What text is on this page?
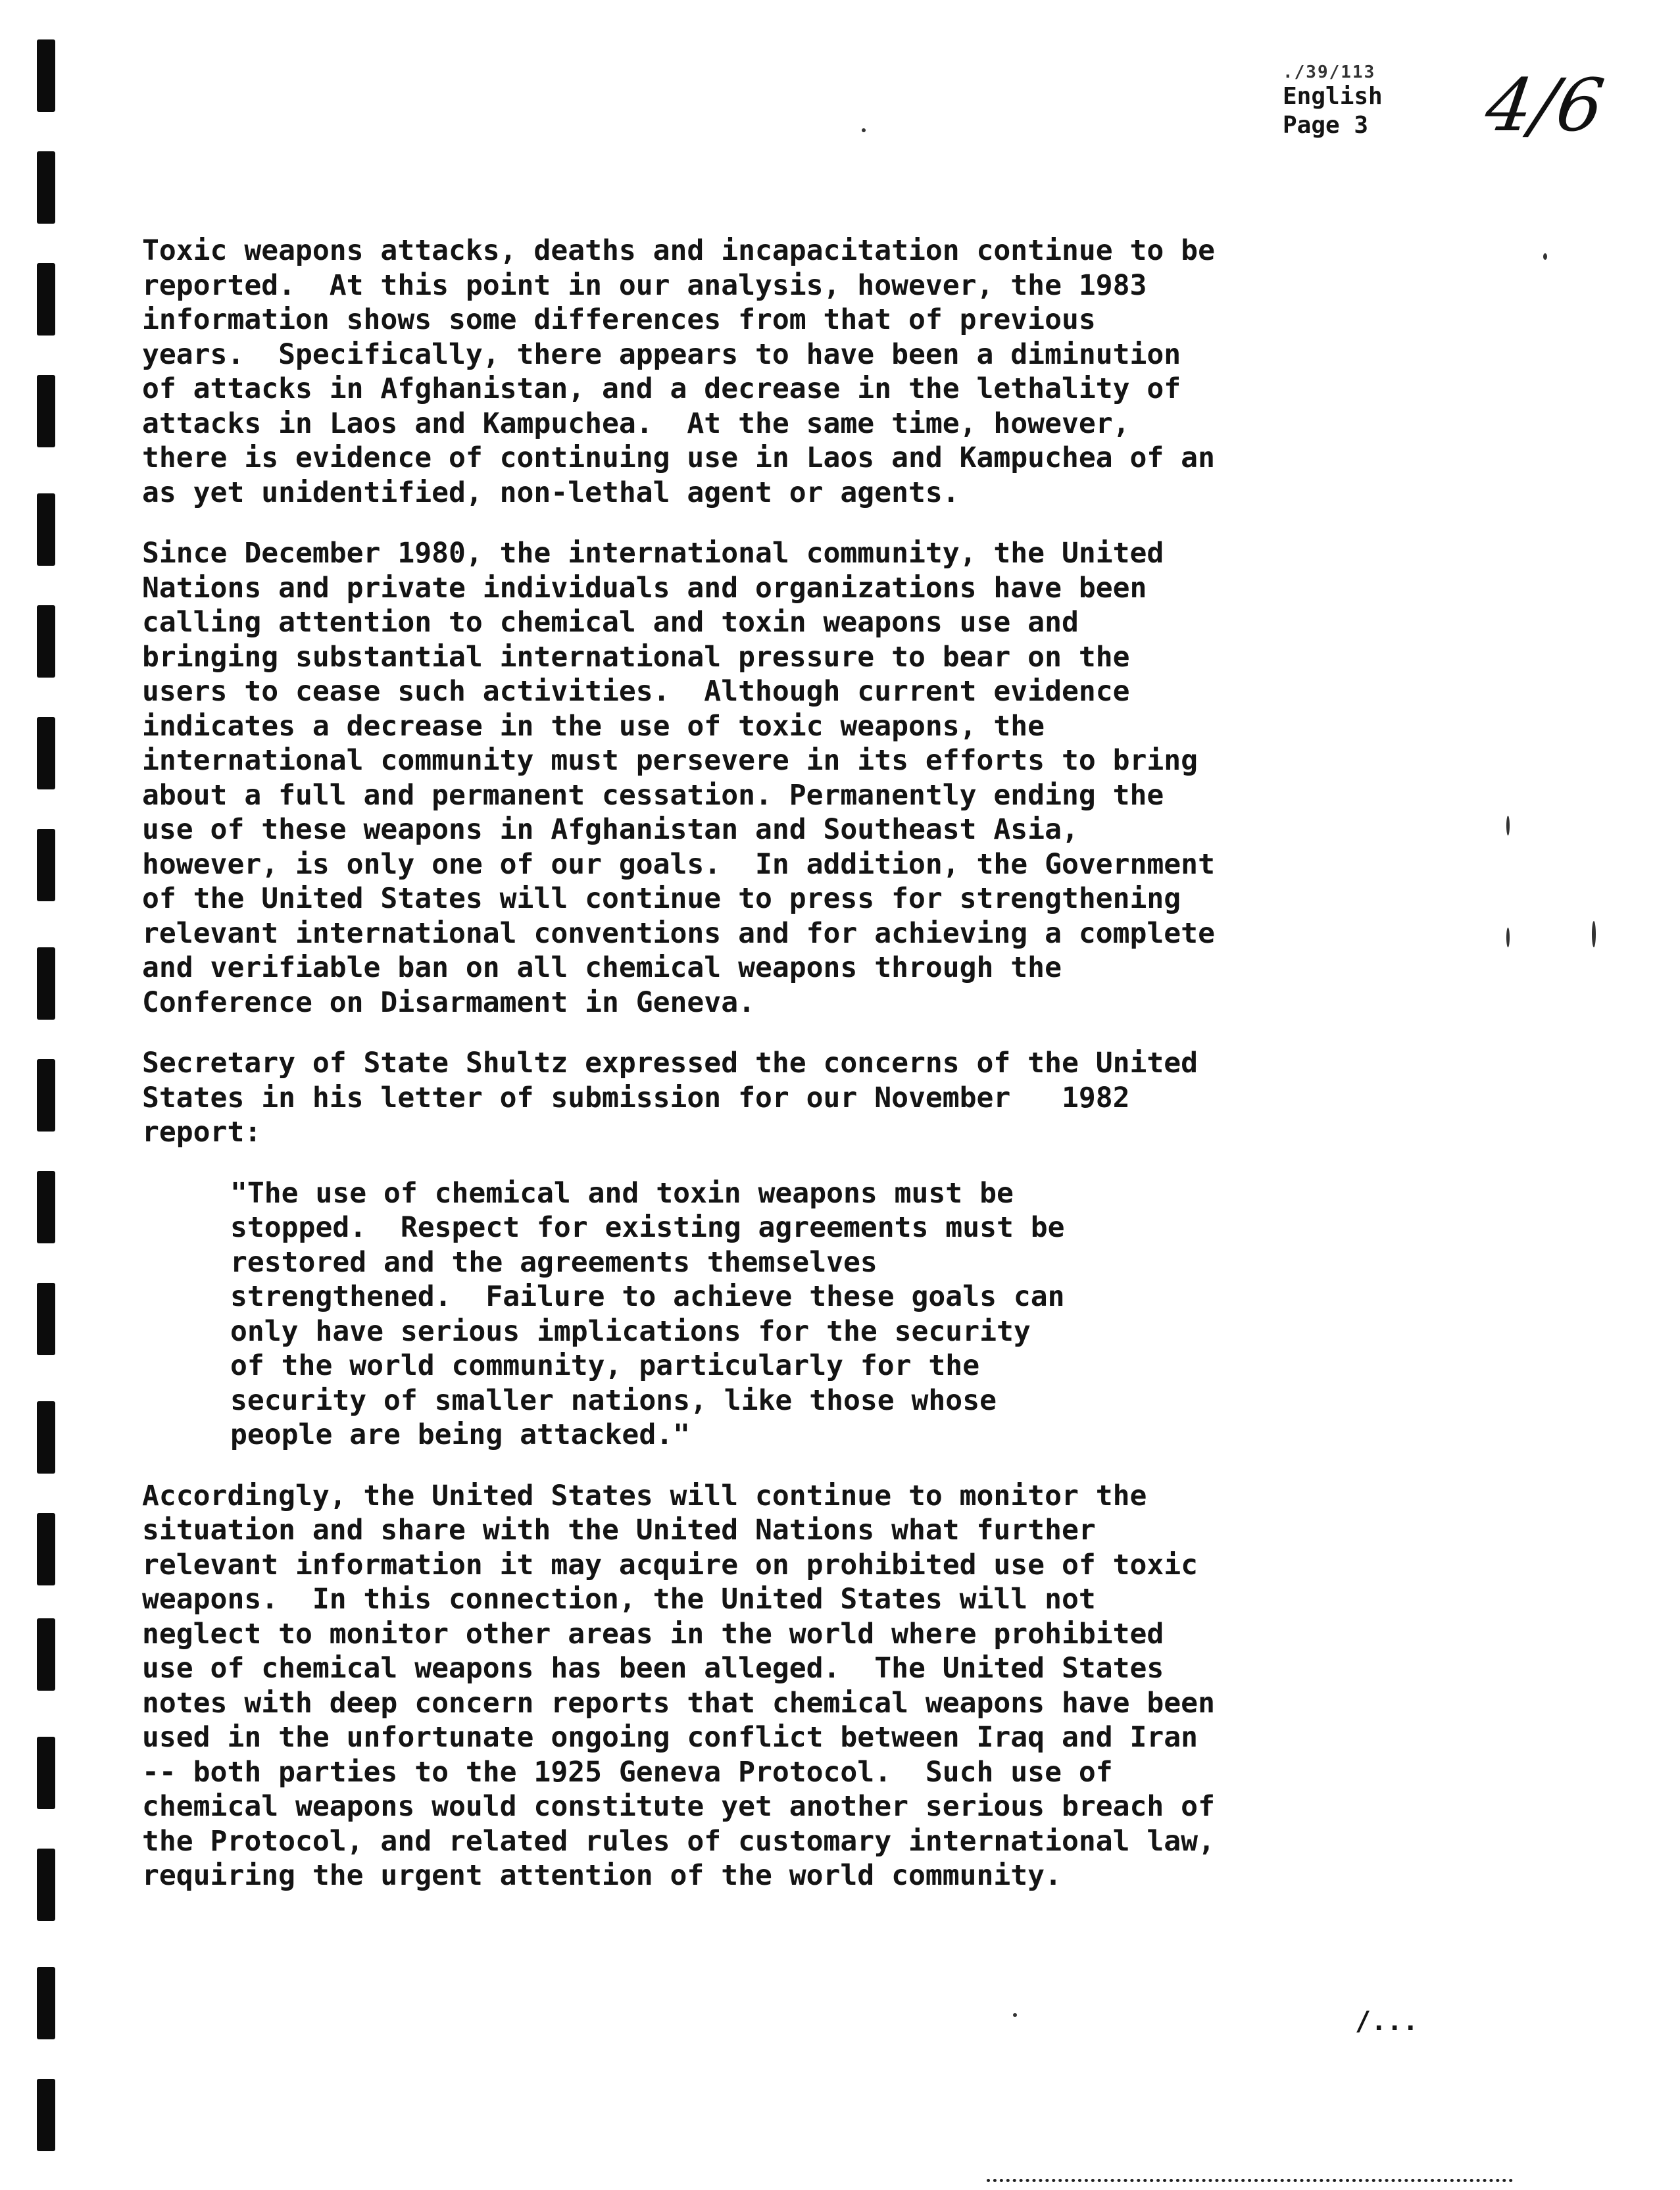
./39/113
English
Page 3	4/6

Toxic weapons attacks, deaths and incapacitation continue to be
reported.  At this point in our analysis, however, the 1983
information shows some differences from that of previous
years.  Specifically, there appears to have been a diminution
of attacks in Afghanistan, and a decrease in the lethality of
attacks in Laos and Kampuchea.  At the same time, however,
there is evidence of continuing use in Laos and Kampuchea of an
as yet unidentified, non-lethal agent or agents.

Since December 1980, the international community, the United
Nations and private individuals and organizations have been
calling attention to chemical and toxin weapons use and
bringing substantial international pressure to bear on the
users to cease such activities.  Although current evidence
indicates a decrease in the use of toxic weapons, the
international community must persevere in its efforts to bring
about a full and permanent cessation. Permanently ending the
use of these weapons in Afghanistan and Southeast Asia,
however, is only one of our goals.  In addition, the Government
of the United States will continue to press for strengthening
relevant international conventions and for achieving a complete
and verifiable ban on all chemical weapons through the
Conference on Disarmament in Geneva.

Secretary of State Shultz expressed the concerns of the United
States in his letter of submission for our November   1982
report:

"The use of chemical and toxin weapons must be
stopped.  Respect for existing agreements must be
restored and the agreements themselves
strengthened.  Failure to achieve these goals can
only have serious implications for the security
of the world community, particularly for the
security of smaller nations, like those whose
people are being attacked."

Accordingly, the United States will continue to monitor the
situation and share with the United Nations what further
relevant information it may acquire on prohibited use of toxic
weapons.  In this connection, the United States will not
neglect to monitor other areas in the world where prohibited
use of chemical weapons has been alleged.  The United States
notes with deep concern reports that chemical weapons have been
used in the unfortunate ongoing conflict between Iraq and Iran
-- both parties to the 1925 Geneva Protocol.  Such use of
chemical weapons would constitute yet another serious breach of
the Protocol, and related rules of customary international law,
requiring the urgent attention of the world community.

/...
